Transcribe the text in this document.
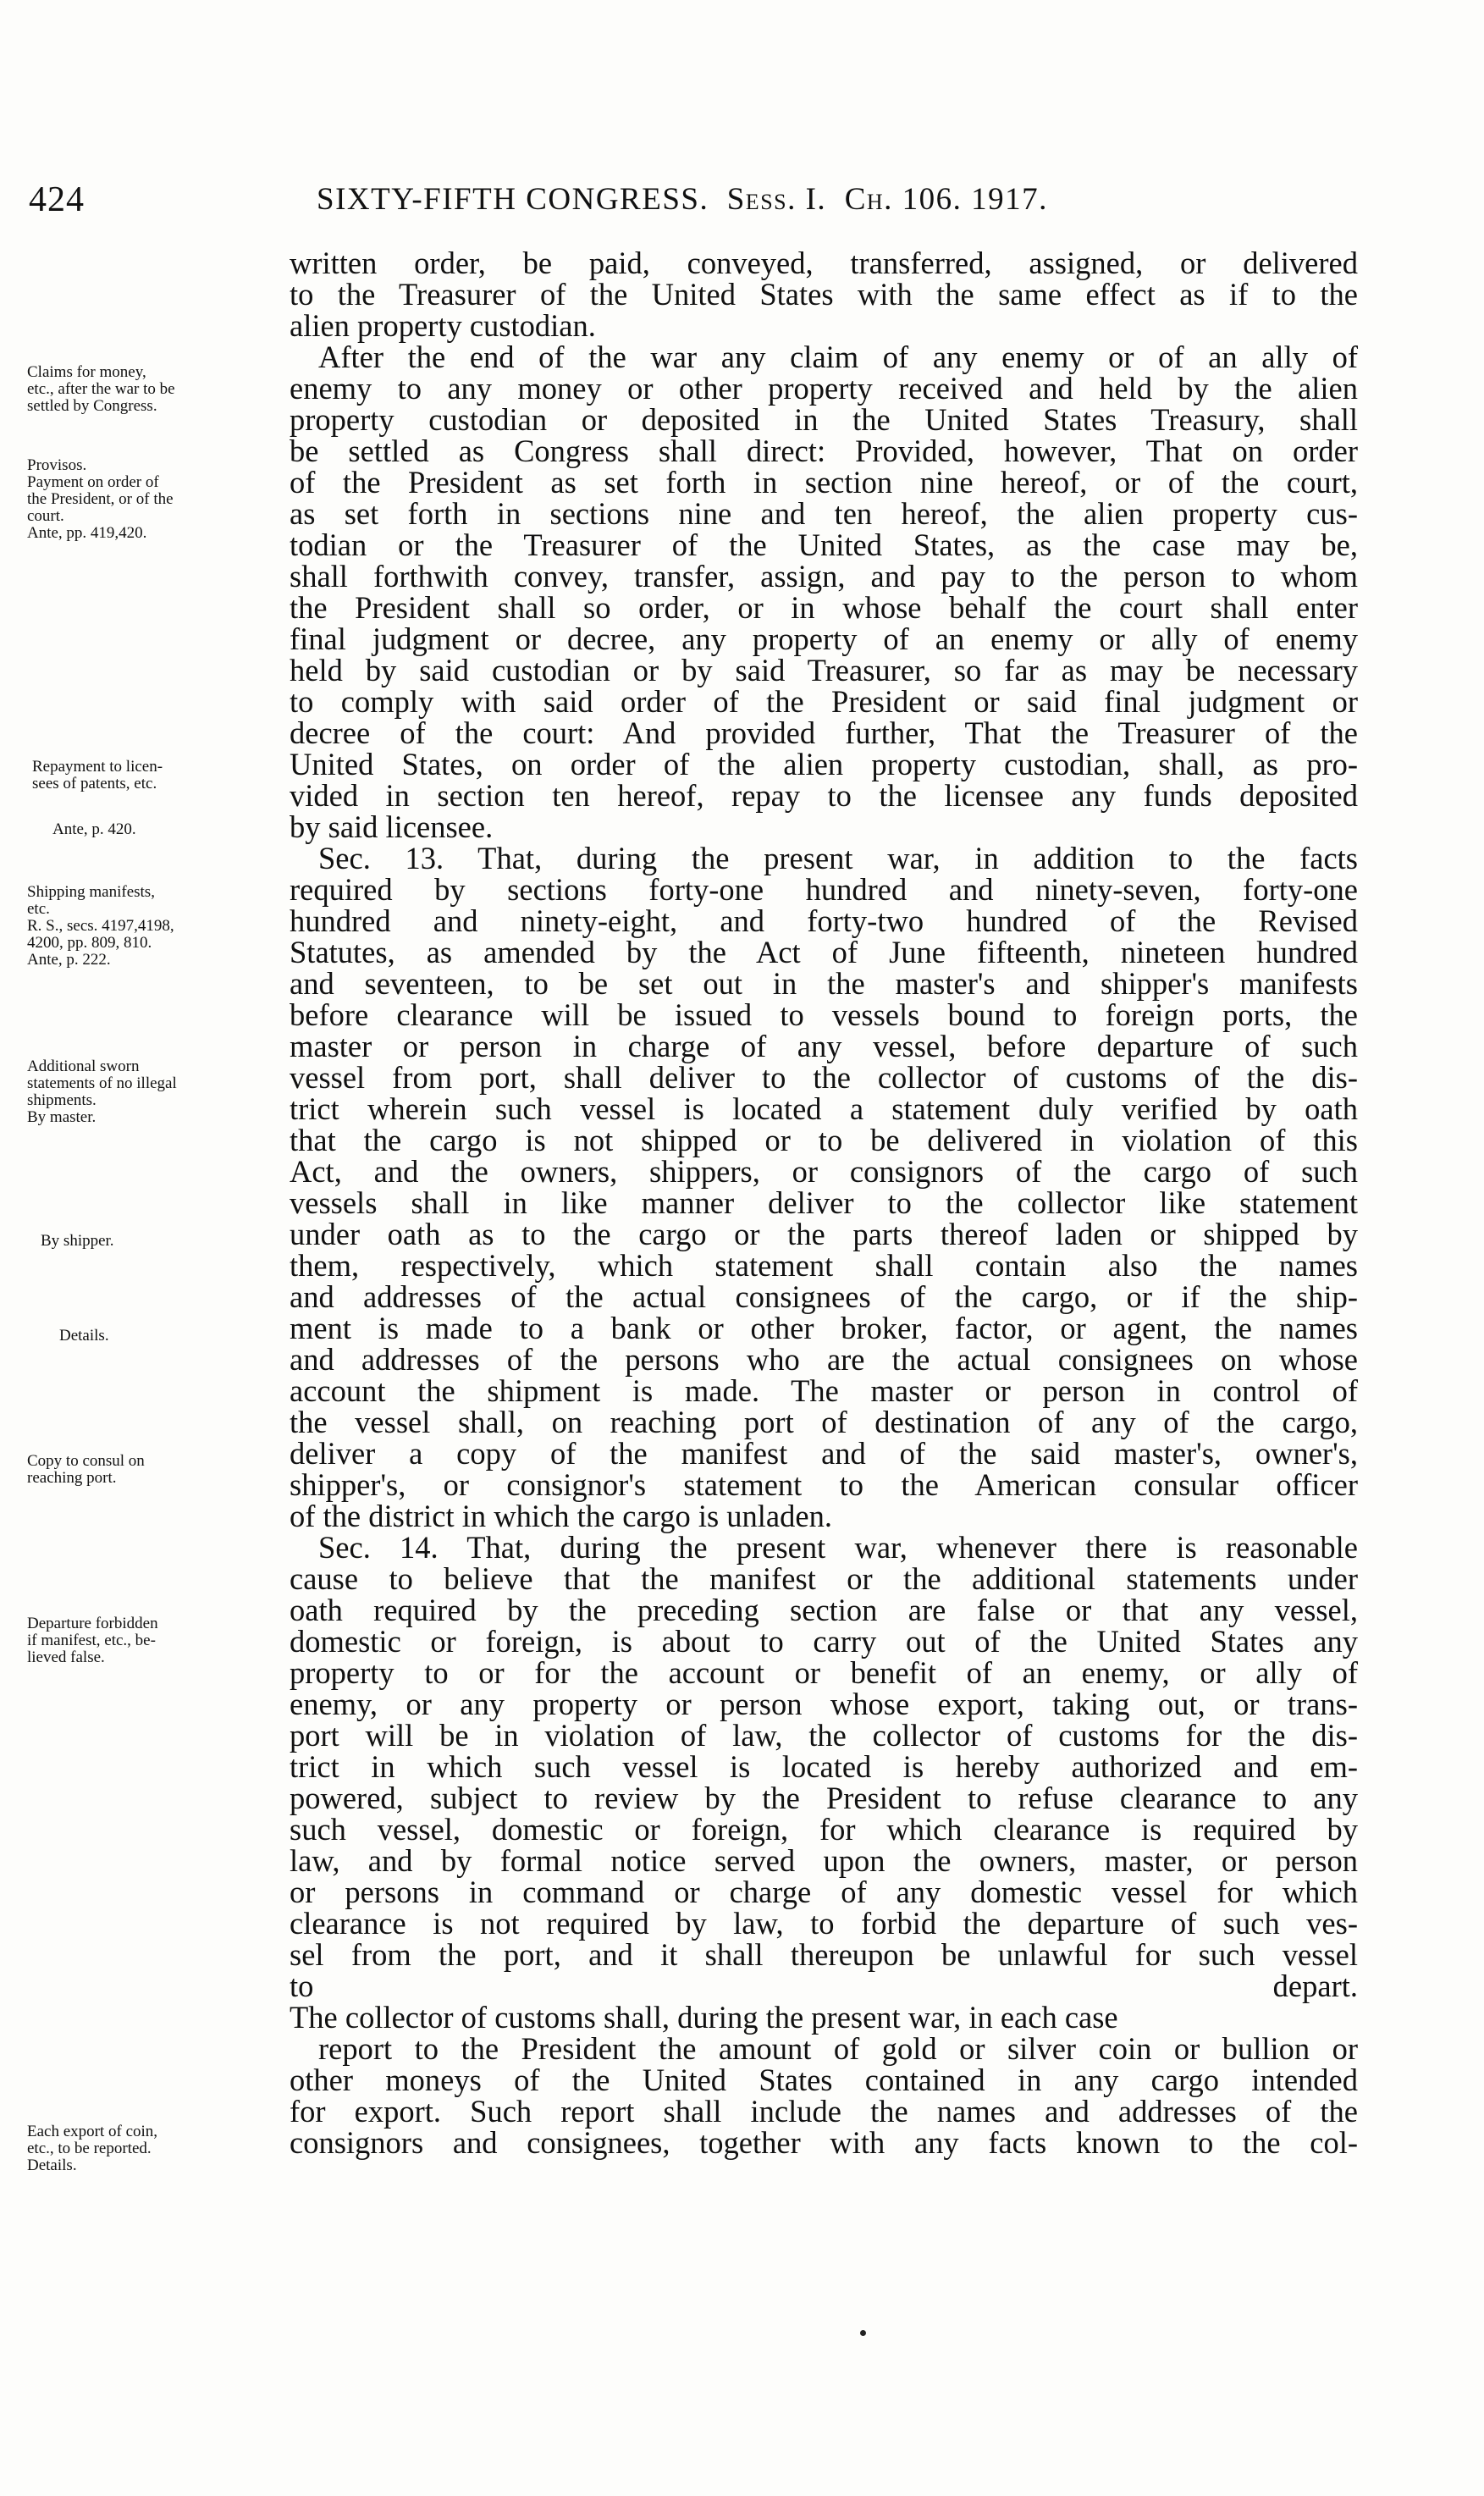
424	SIXTY-FIFTH CONGRESS. Sess. I. Ch. 106. 1917.
Claims for money,
etc., after the war to be
settled by Congress.
Provisos.
Payment on order of
the President, or of the
court.
Ante, pp. 419,420.
Repayment to licen-
sees of patents, etc.
Ante, p. 420.
Shipping manifests,
etc.
R. S., secs. 4197,4198,
4200, pp. 809, 810.
Ante, p. 222.
Additional sworn
statements of no illegal
shipments.
By master.
By shipper.
Details.
Copy to consul on
reaching port.
Departure forbidden
if manifest, etc., be-
lieved false.
Each export of coin,
etc., to be reported.
Details.
written order, be paid, conveyed, transferred, assigned, or delivered
to the Treasurer of the United States with the same effect as if to the
alien property custodian.
After the end of the war any claim of any enemy or of an ally of
enemy to any money or other property received and held by the alien
property custodian or deposited in the United States Treasury, shall
be settled as Congress shall direct: Provided, however, That on order
of the President as set forth in section nine hereof, or of the court,
as set forth in sections nine and ten hereof, the alien property cus-
todian or the Treasurer of the United States, as the case may be,
shall forthwith convey, transfer, assign, and pay to the person to whom
the President shall so order, or in whose behalf the court shall enter
final judgment or decree, any property of an enemy or ally of enemy
held by said custodian or by said Treasurer, so far as may be necessary
to comply with said order of the President or said final judgment or
decree of the court: And provided further, That the Treasurer of the
United States, on order of the alien property custodian, shall, as pro-
vided in section ten hereof, repay to the licensee any funds deposited
by said licensee.
Sec. 13. That, during the present war, in addition to the facts
required by sections forty-one hundred and ninety-seven, forty-one
hundred and ninety-eight, and forty-two hundred of the Revised
Statutes, as amended by the Act of June fifteenth, nineteen hundred
and seventeen, to be set out in the master's and shipper's manifests
before clearance will be issued to vessels bound to foreign ports, the
master or person in charge of any vessel, before departure of such
vessel from port, shall deliver to the collector of customs of the dis-
trict wherein such vessel is located a statement duly verified by oath
that the cargo is not shipped or to be delivered in violation of this
Act, and the owners, shippers, or consignors of the cargo of such
vessels shall in like manner deliver to the collector like statement
under oath as to the cargo or the parts thereof laden or shipped by
them, respectively, which statement shall contain also the names
and addresses of the actual consignees of the cargo, or if the ship-
ment is made to a bank or other broker, factor, or agent, the names
and addresses of the persons who are the actual consignees on whose
account the shipment is made. The master or person in control of
the vessel shall, on reaching port of destination of any of the cargo,
deliver a copy of the manifest and of the said master's, owner's,
shipper's, or consignor's statement to the American consular officer
of the district in which the cargo is unladen.
Sec. 14. That, during the present war, whenever there is reasonable
cause to believe that the manifest or the additional statements under
oath required by the preceding section are false or that any vessel,
domestic or foreign, is about to carry out of the United States any
property to or for the account or benefit of an enemy, or ally of
enemy, or any property or person whose export, taking out, or trans-
port will be in violation of law, the collector of customs for the dis-
trict in which such vessel is located is hereby authorized and em-
powered, subject to review by the President to refuse clearance to any
such vessel, domestic or foreign, for which clearance is required by
law, and by formal notice served upon the owners, master, or person
or persons in command or charge of any domestic vessel for which
clearance is not required by law, to forbid the departure of such ves-
sel from the port, and it shall thereupon be unlawful for such vessel
to depart.
The collector of customs shall, during the present war, in each case
report to the President the amount of gold or silver coin or bullion or
other moneys of the United States contained in any cargo intended
for export. Such report shall include the names and addresses of the
consignors and consignees, together with any facts known to the col-
